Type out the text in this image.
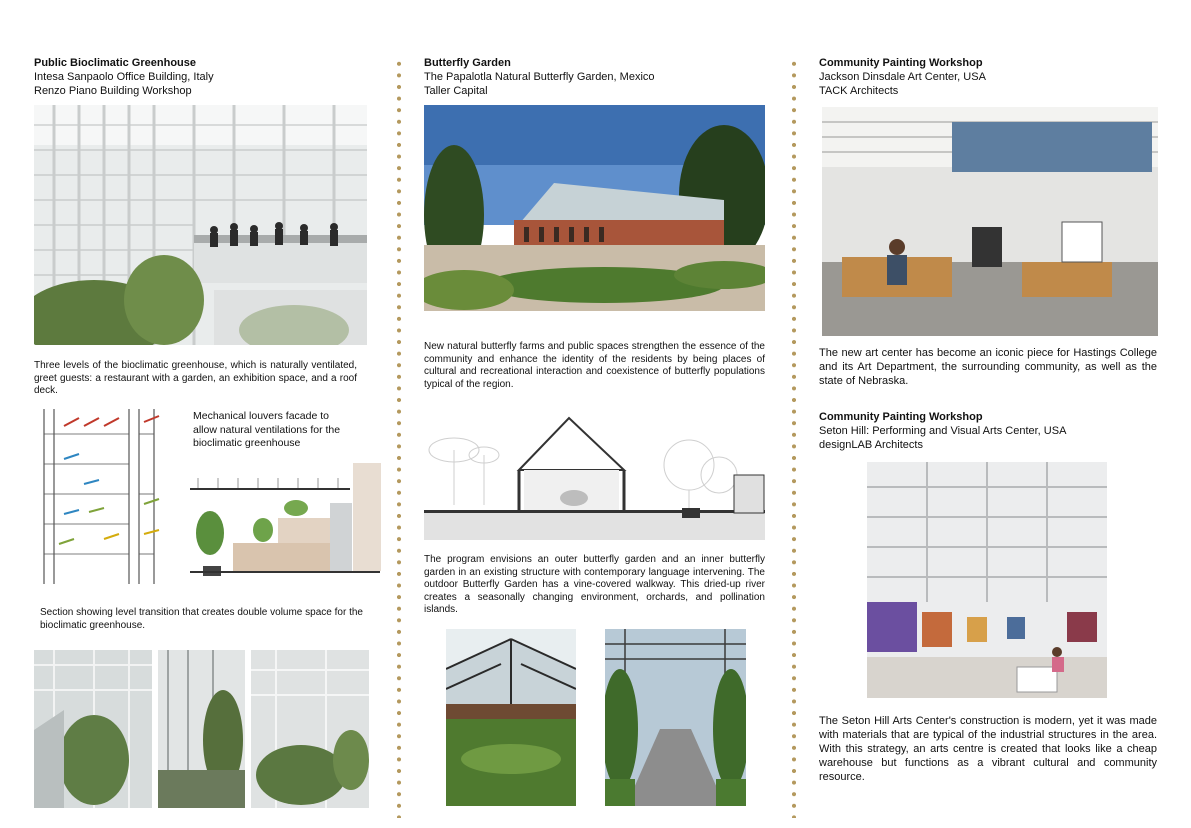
Public Bioclimatic Greenhouse
Intesa Sanpaolo Office Building, Italy
Renzo Piano Building Workshop
Three levels of the bioclimatic greenhouse, which is naturally ventilated, greet guests: a restaurant with a garden, an exhibition space, and a roof deck.
Mechanical louvers facade to allow natural ventilations for the bioclimatic greenhouse
Section showing level transition that creates double volume space for the bioclimatic greenhouse.
Butterfly Garden
The Papalotla Natural Butterfly Garden, Mexico
Taller Capital
New natural butterfly farms and public spaces strengthen the essence of the community and enhance the identity of the residents by being places of cultural and recreational interaction and coexistence of butterfly populations typical of the region.
The program envisions an outer butterfly garden and an inner butterfly garden in an existing structure with contemporary language intervening. The outdoor Butterfly Garden has a vine-covered walkway. This dried-up river creates a seasonally changing environment, orchards, and pollination islands.
Community Painting Workshop
Jackson Dinsdale Art Center, USA
TACK Architects
The new art center has become an iconic piece for Hastings College and its Art Department, the surrounding community, as well as the state of Nebraska.
Community Painting Workshop
Seton Hill: Performing and Visual Arts Center, USA
designLAB Architects
The Seton Hill Arts Center's construction is modern, yet it was made with materials that are typical of the industrial structures in the area. With this strategy, an arts centre is created that looks like a cheap warehouse but functions as a vibrant cultural and community resource.
